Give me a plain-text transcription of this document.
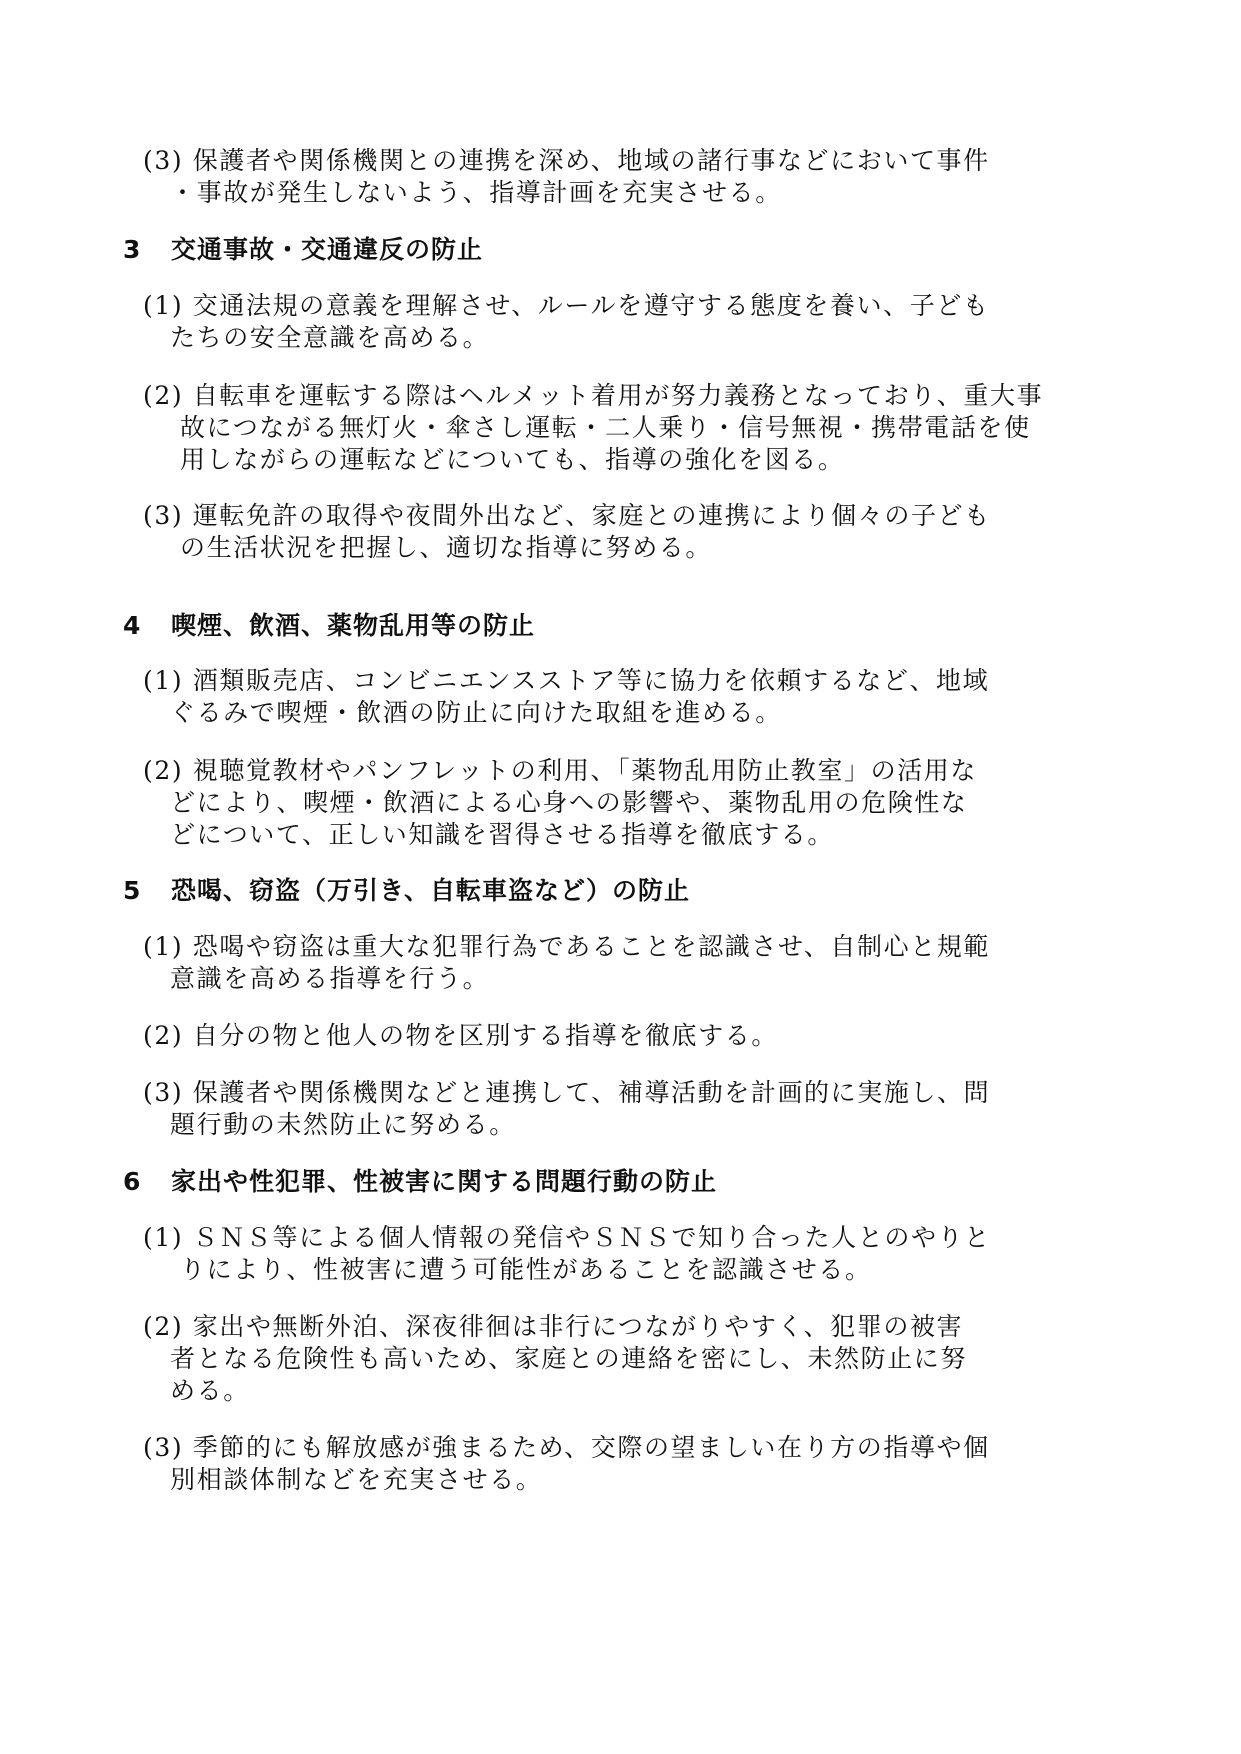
(3) 保護者や関係機関との連携を深め、地域の諸行事などにおいて事件

・事故が発生しないよう、指導計画を充実させる。

3 交通事故・交通違反の防止

(1) 交通法規の意義を理解させ、ルールを遵守する態度を養い、子ども

たちの安全意識を高める。

(2) 自転車を運転する際はヘルメット着用が努力義務となっており、重大事

故につながる無灯火・傘さし運転・二人乗り・信号無視・携帯電話を使

用しながらの運転などについても、指導の強化を図る。

(3) 運転免許の取得や夜間外出など、家庭との連携により個々の子ども

の生活状況を把握し、適切な指導に努める。

4 喫煙、飲酒、薬物乱用等の防止

(1) 酒類販売店、コンビニエンスストア等に協力を依頼するなど、地域

ぐるみで喫煙・飲酒の防止に向けた取組を進める。

(2) 視聴覚教材やパンフレットの利用、「薬物乱用防止教室」の活用な

どにより、喫煙・飲酒による心身への影響や、薬物乱用の危険性な

どについて、正しい知識を習得させる指導を徹底する。

5 恐喝、窃盗（万引き、自転車盗など）の防止

(1) 恐喝や窃盗は重大な犯罪行為であることを認識させ、自制心と規範

意識を高める指導を行う。

(2) 自分の物と他人の物を区別する指導を徹底する。

(3) 保護者や関係機関などと連携して、補導活動を計画的に実施し、問

題行動の未然防止に努める。

6 家出や性犯罪、性被害に関する問題行動の防止

(1) ＳＮＳ等による個人情報の発信やＳＮＳで知り合った人とのやりと

りにより、性被害に遭う可能性があることを認識させる。

(2) 家出や無断外泊、深夜徘徊は非行につながりやすく、犯罪の被害

者となる危険性も高いため、家庭との連絡を密にし、未然防止に努

める。

(3) 季節的にも解放感が強まるため、交際の望ましい在り方の指導や個

別相談体制などを充実させる。
